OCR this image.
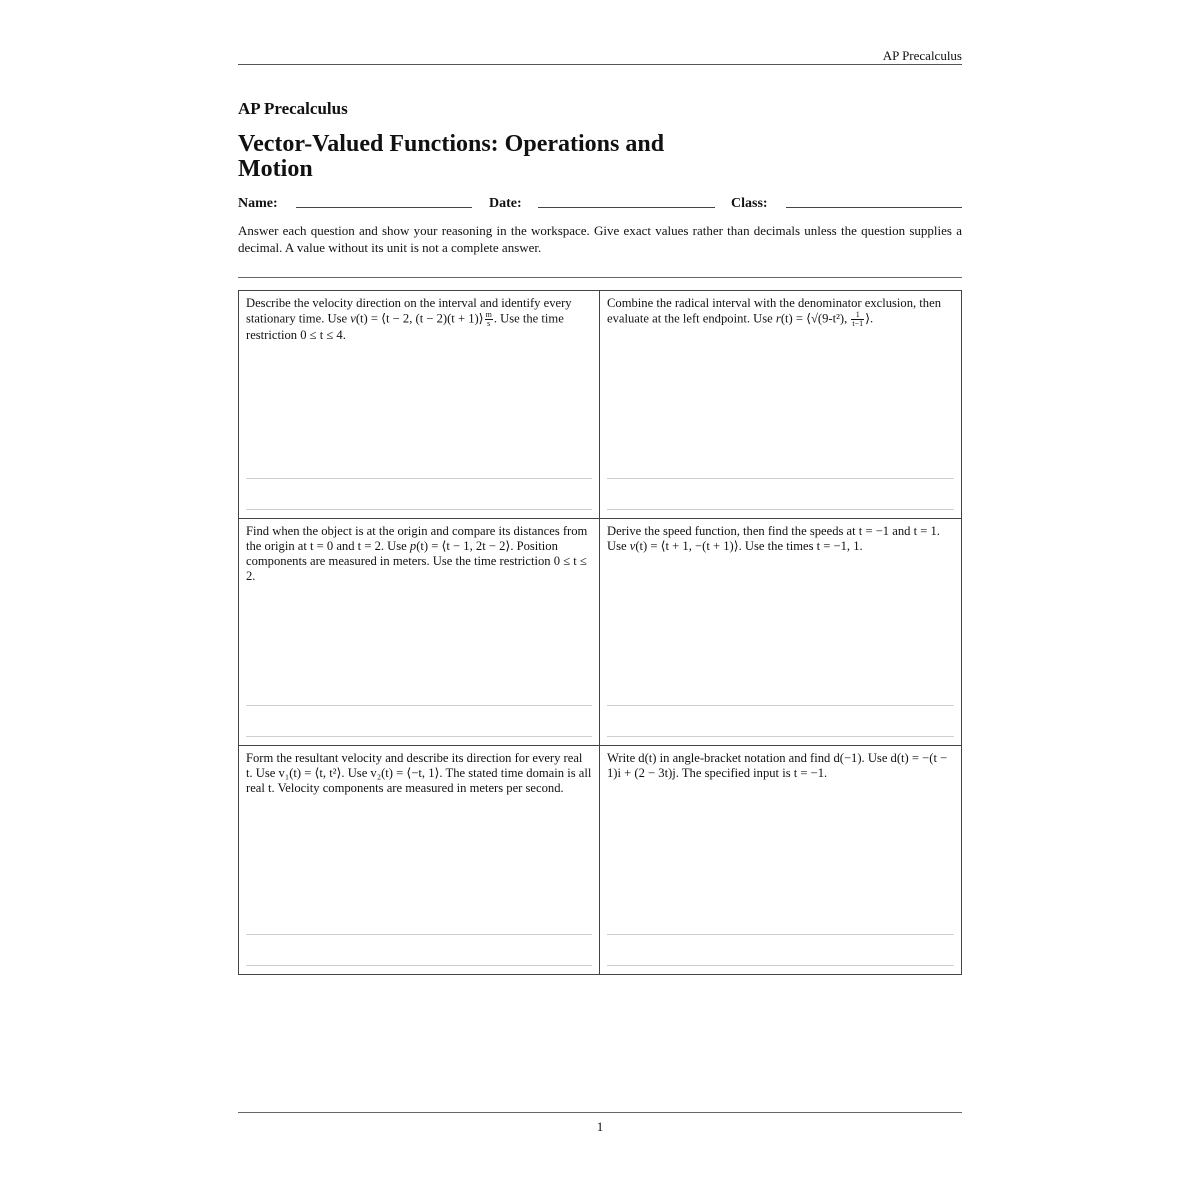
AP Precalculus
AP Precalculus
Vector-Valued Functions: Operations and Motion
Name:	Date:	Class:
Answer each question and show your reasoning in the workspace. Give exact values rather than decimals unless the question supplies a decimal. A value without its unit is not a complete answer.
Describe the velocity direction on the interval and identify every stationary time. Use v(t) = ⟨t − 2, (t − 2)(t + 1)⟩ $\frac{m}{s}$ . Use the time restriction 0 ≤ t ≤ 4.
Combine the radical interval with the denominator exclusion, then evaluate at the left endpoint. Use r(t) = ⟨√(9-t²), $\frac{1}{t-1}$ ⟩.
Find when the object is at the origin and compare its distances from the origin at t = 0 and t = 2. Use p(t) = ⟨t − 1, 2t − 2⟩. Position components are measured in meters. Use the time restriction 0 ≤ t ≤ 2.
Derive the speed function, then find the speeds at t = −1 and t = 1. Use v(t) = ⟨t + 1, −(t + 1)⟩. Use the times t = −1, 1.
Form the resultant velocity and describe its direction for every real t. Use v₁(t) = ⟨t, t²⟩. Use v₂(t) = ⟨−t, 1⟩. The stated time domain is all real t. Velocity components are measured in meters per second.
Write d(t) in angle-bracket notation and find d(−1). Use d(t) = −(t − 1)i + (2 − 3t)j. The specified input is t = −1.
1
